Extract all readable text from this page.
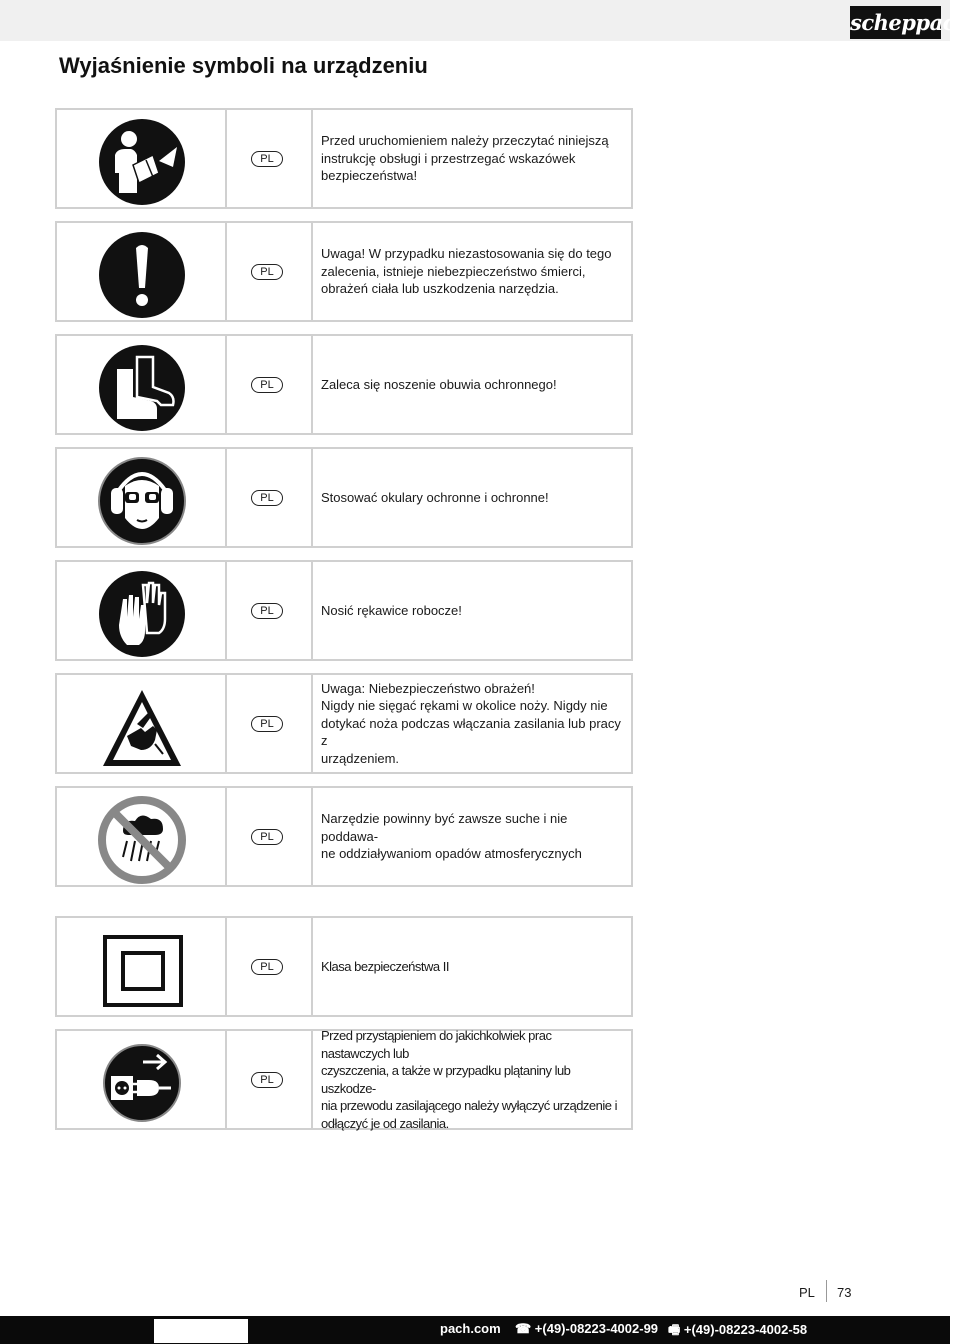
scheppach
Wyjaśnienie symboli na urządzeniu
PL
Przed uruchomieniem należy przeczytać niniejszą
instrukcję obsługi i przestrzegać wskazówek
bezpieczeństwa!
PL
Uwaga! W przypadku niezastosowania się do tego
zalecenia, istnieje niebezpieczeństwo śmierci,
obrażeń ciała lub uszkodzenia narzędzia.
PL	Zaleca się noszenie obuwia ochronnego!
PL	Stosować okulary ochronne i ochronne!
PL	Nosić rękawice robocze!
PL
Uwaga: Niebezpieczeństwo obrażeń!
Nigdy nie sięgać rękami w okolice noży. Nigdy nie
dotykać noża podczas włączania zasilania lub pracy z
urządzeniem.
PL
Narzędzie powinny być zawsze suche i nie poddawa-
ne oddziaływaniom opadów atmosferycznych
PL	Klasa bezpieczeństwa II
PL
Przed przystąpieniem do jakichkolwiek prac nastawczych lub
czyszczenia, a także w przypadku plątaniny lub uszkodze-
nia przewodu zasilającego należy wyłączyć urządzenie i
odłączyć je od zasilania.
PL 73
pach.com ☎ +(49)-08223-4002-99 🖷 +(49)-08223-4002-58
